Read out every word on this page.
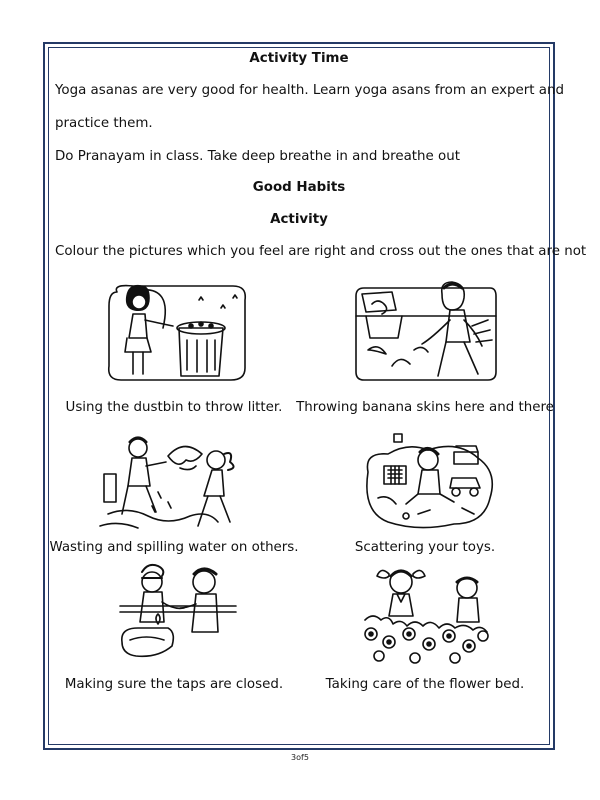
Activity Time
Yoga asanas are very good for health. Learn yoga asans from an expert and
practice them.
Do Pranayam in class. Take deep breathe in and breathe out
Good Habits
Activity
Colour the pictures which you feel are right and cross out the ones that are not
Using the dustbin to throw litter.	Throwing banana skins here and there
Wasting and spilling water on others.	Scattering your toys.
Making sure the taps are closed.	Taking care of the flower bed.
3of5
